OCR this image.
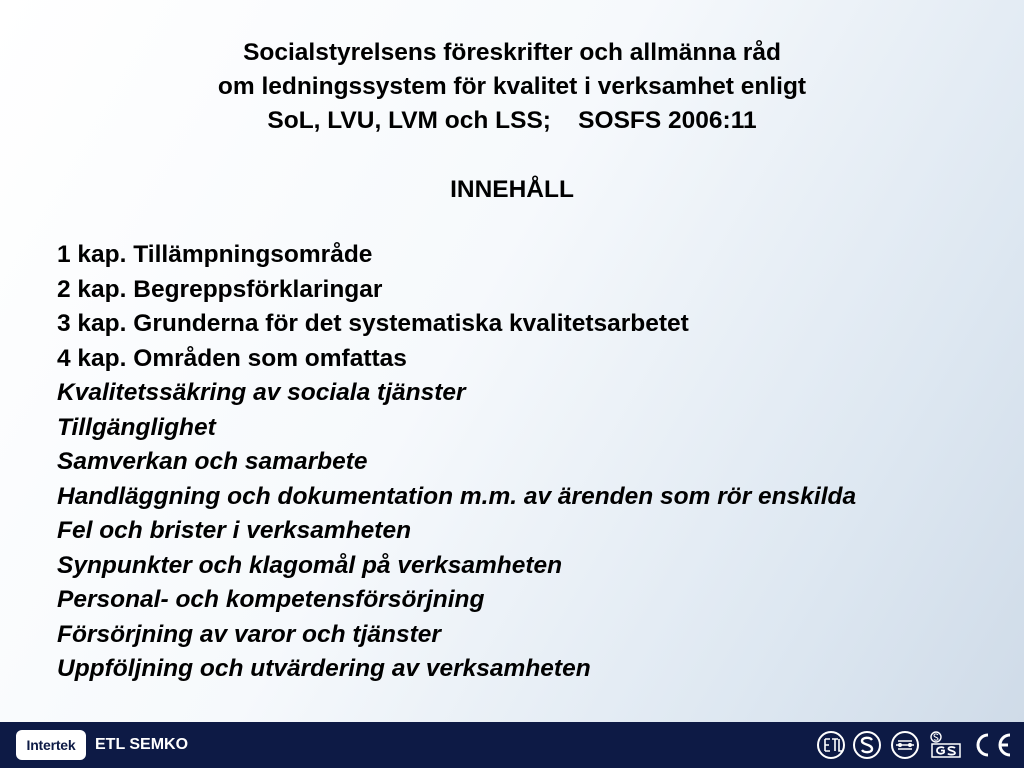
Socialstyrelsens föreskrifter och allmänna råd
om ledningssystem för kvalitet i verksamhet enligt
SoL, LVU, LVM och LSS;    SOSFS 2006:11
INNEHÅLL
1 kap. Tillämpningsområde
2 kap. Begreppsförklaringar
3 kap. Grunderna för det systematiska kvalitetsarbetet
4 kap. Områden som omfattas
Kvalitetssäkring av sociala tjänster
Tillgänglighet
Samverkan och samarbete
Handläggning och dokumentation m.m. av ärenden som rör enskilda
Fel och brister i verksamheten
Synpunkter och klagomål på verksamheten
Personal- och kompetensförsörjning
Försörjning av varor och tjänster
Uppföljning och utvärdering av verksamheten
Intertek ETL SEMKO
